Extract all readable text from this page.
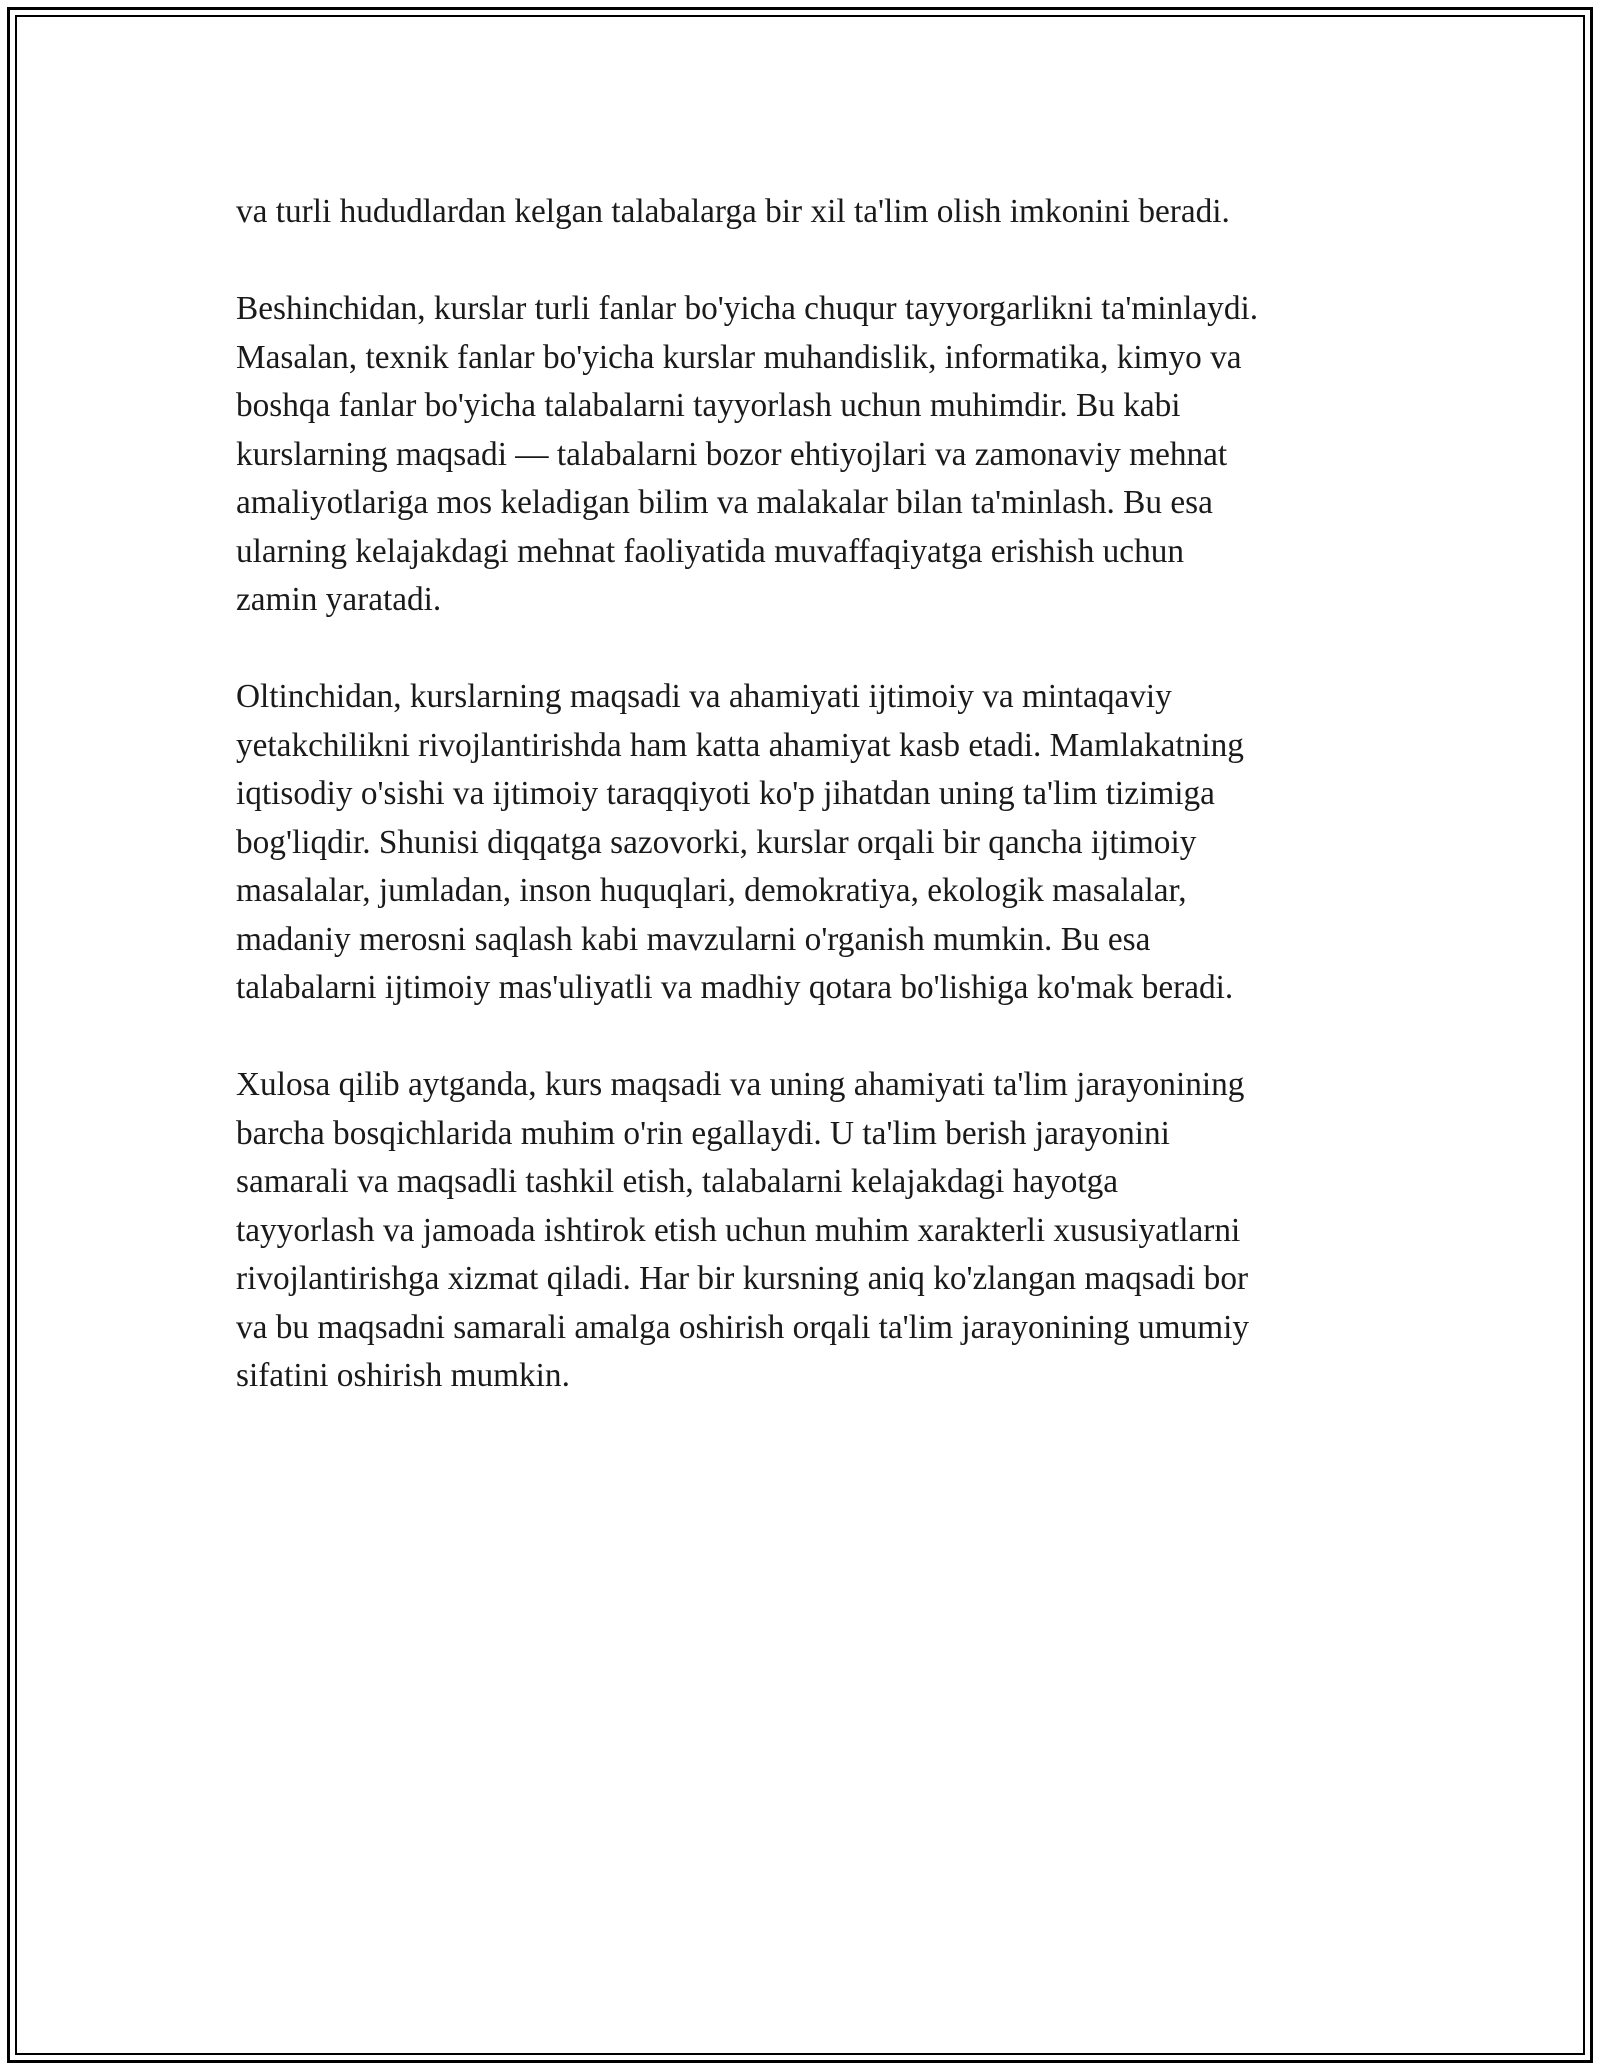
va turli hududlardan kelgan talabalarga bir xil ta'lim olish imkonini beradi.

Beshinchidan, kurslar turli fanlar bo'yicha chuqur tayyorgarlikni ta'minlaydi.
Masalan, texnik fanlar bo'yicha kurslar muhandislik, informatika, kimyo va
boshqa fanlar bo'yicha talabalarni tayyorlash uchun muhimdir. Bu kabi
kurslarning maqsadi — talabalarni bozor ehtiyojlari va zamonaviy mehnat
amaliyotlariga mos keladigan bilim va malakalar bilan ta'minlash. Bu esa
ularning kelajakdagi mehnat faoliyatida muvaffaqiyatga erishish uchun
zamin yaratadi.

Oltinchidan, kurslarning maqsadi va ahamiyati ijtimoiy va mintaqaviy
yetakchilikni rivojlantirishda ham katta ahamiyat kasb etadi. Mamlakatning
iqtisodiy o'sishi va ijtimoiy taraqqiyoti ko'p jihatdan uning ta'lim tizimiga
bog'liqdir. Shunisi diqqatga sazovorki, kurslar orqali bir qancha ijtimoiy
masalalar, jumladan, inson huquqlari, demokratiya, ekologik masalalar,
madaniy merosni saqlash kabi mavzularni o'rganish mumkin. Bu esa
talabalarni ijtimoiy mas'uliyatli va madhiy qotara bo'lishiga ko'mak beradi.

Xulosa qilib aytganda, kurs maqsadi va uning ahamiyati ta'lim jarayonining
barcha bosqichlarida muhim o'rin egallaydi. U ta'lim berish jarayonini
samarali va maqsadli tashkil etish, talabalarni kelajakdagi hayotga
tayyorlash va jamoada ishtirok etish uchun muhim xarakterli xususiyatlarni
rivojlantirishga xizmat qiladi. Har bir kursning aniq ko'zlangan maqsadi bor
va bu maqsadni samarali amalga oshirish orqali ta'lim jarayonining umumiy
sifatini oshirish mumkin.
